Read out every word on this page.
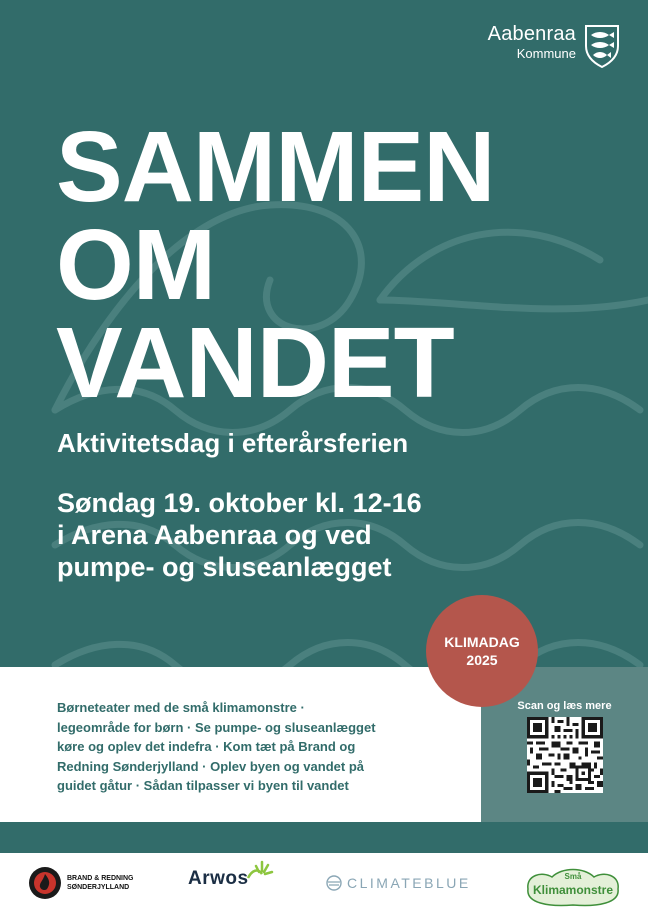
Aabenraa
Kommune
SAMMEN
OM
VANDET
Aktivitetsdag i efterårsferien
Søndag 19. oktober kl. 12-16
i Arena Aabenraa og ved
pumpe- og sluseanlægget
KLIMADAG
2025
Børneteater med de små klimamonstre ·
legeområde for børn · Se pumpe- og sluseanlægget
køre og oplev det indefra · Kom tæt på Brand og
Redning Sønderjylland · Oplev byen og vandet på
guidet gåtur · Sådan tilpasser vi byen til vandet
Scan og læs mere
BRAND & REDNING
SØNDERJYLLAND	Arwos	CLIMATEBLUE	Små
Klimamonstre
